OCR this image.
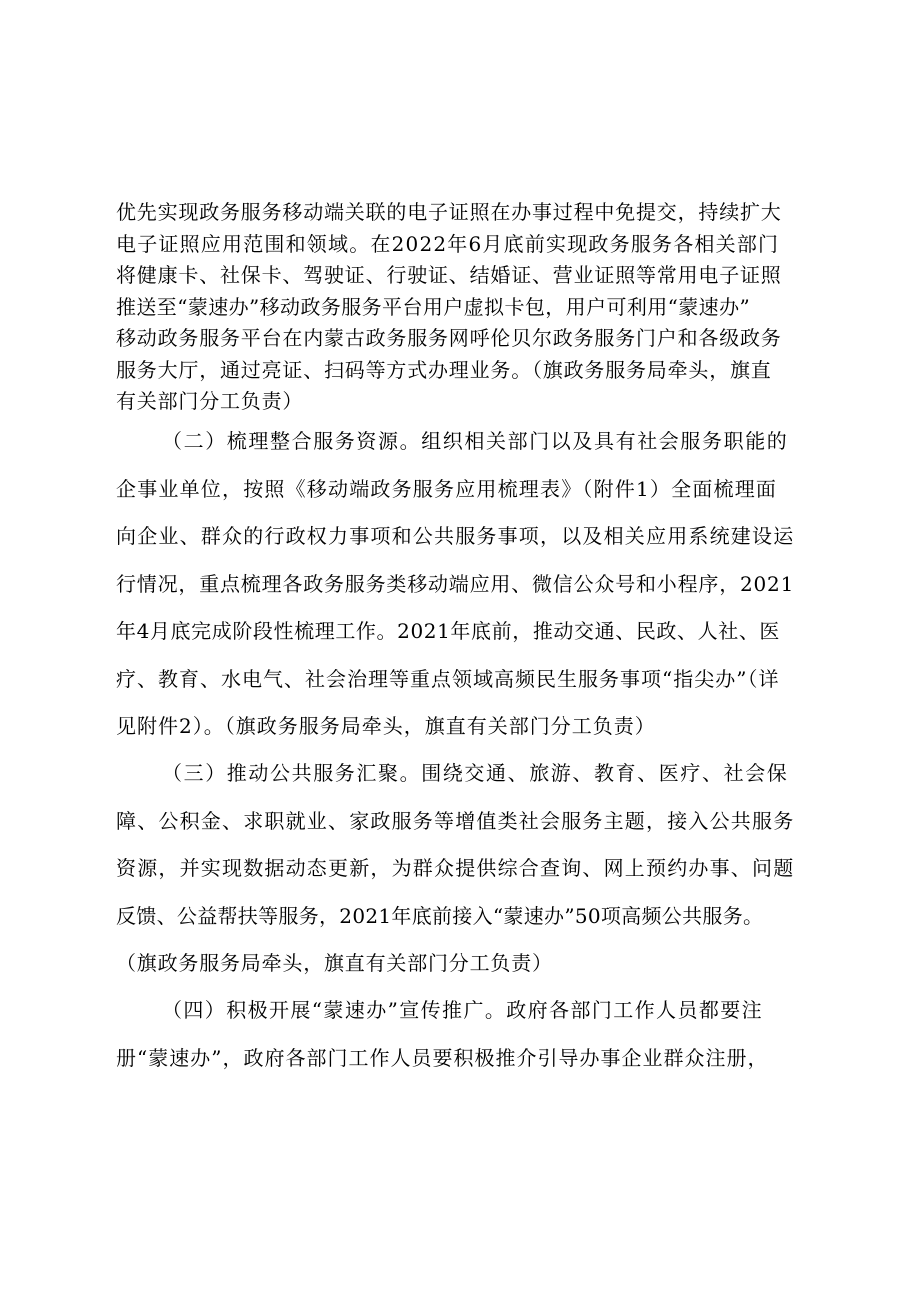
优先实现政务服务移动端关联的电子证照在办事过程中免提交，持续扩大
电子证照应用范围和领域。在2022年6月底前实现政务服务各相关部门
将健康卡、社保卡、驾驶证、行驶证、结婚证、营业证照等常用电子证照
推送至“蒙速办”移动政务服务平台用户虚拟卡包，用户可利用“蒙速办”
移动政务服务平台在内蒙古政务服务网呼伦贝尔政务服务门户和各级政务
服务大厅，通过亮证、扫码等方式办理业务。（旗政务服务局牵头，旗直
有关部门分工负责）
（二）梳理整合服务资源。组织相关部门以及具有社会服务职能的
企事业单位，按照《移动端政务服务应用梳理表》（附件1）全面梳理面
向企业、群众的行政权力事项和公共服务事项，以及相关应用系统建设运
行情况，重点梳理各政务服务类移动端应用、微信公众号和小程序，2021
年4月底完成阶段性梳理工作。2021年底前，推动交通、民政、人社、医
疗、教育、水电气、社会治理等重点领域高频民生服务事项“指尖办”（详
见附件2）。（旗政务服务局牵头，旗直有关部门分工负责）
（三）推动公共服务汇聚。围绕交通、旅游、教育、医疗、社会保
障、公积金、求职就业、家政服务等增值类社会服务主题，接入公共服务
资源，并实现数据动态更新，为群众提供综合查询、网上预约办事、问题
反馈、公益帮扶等服务，2021年底前接入“蒙速办”50项高频公共服务。
（旗政务服务局牵头，旗直有关部门分工负责）
（四）积极开展“蒙速办”宣传推广。政府各部门工作人员都要注
册“蒙速办”，政府各部门工作人员要积极推介引导办事企业群众注册，
